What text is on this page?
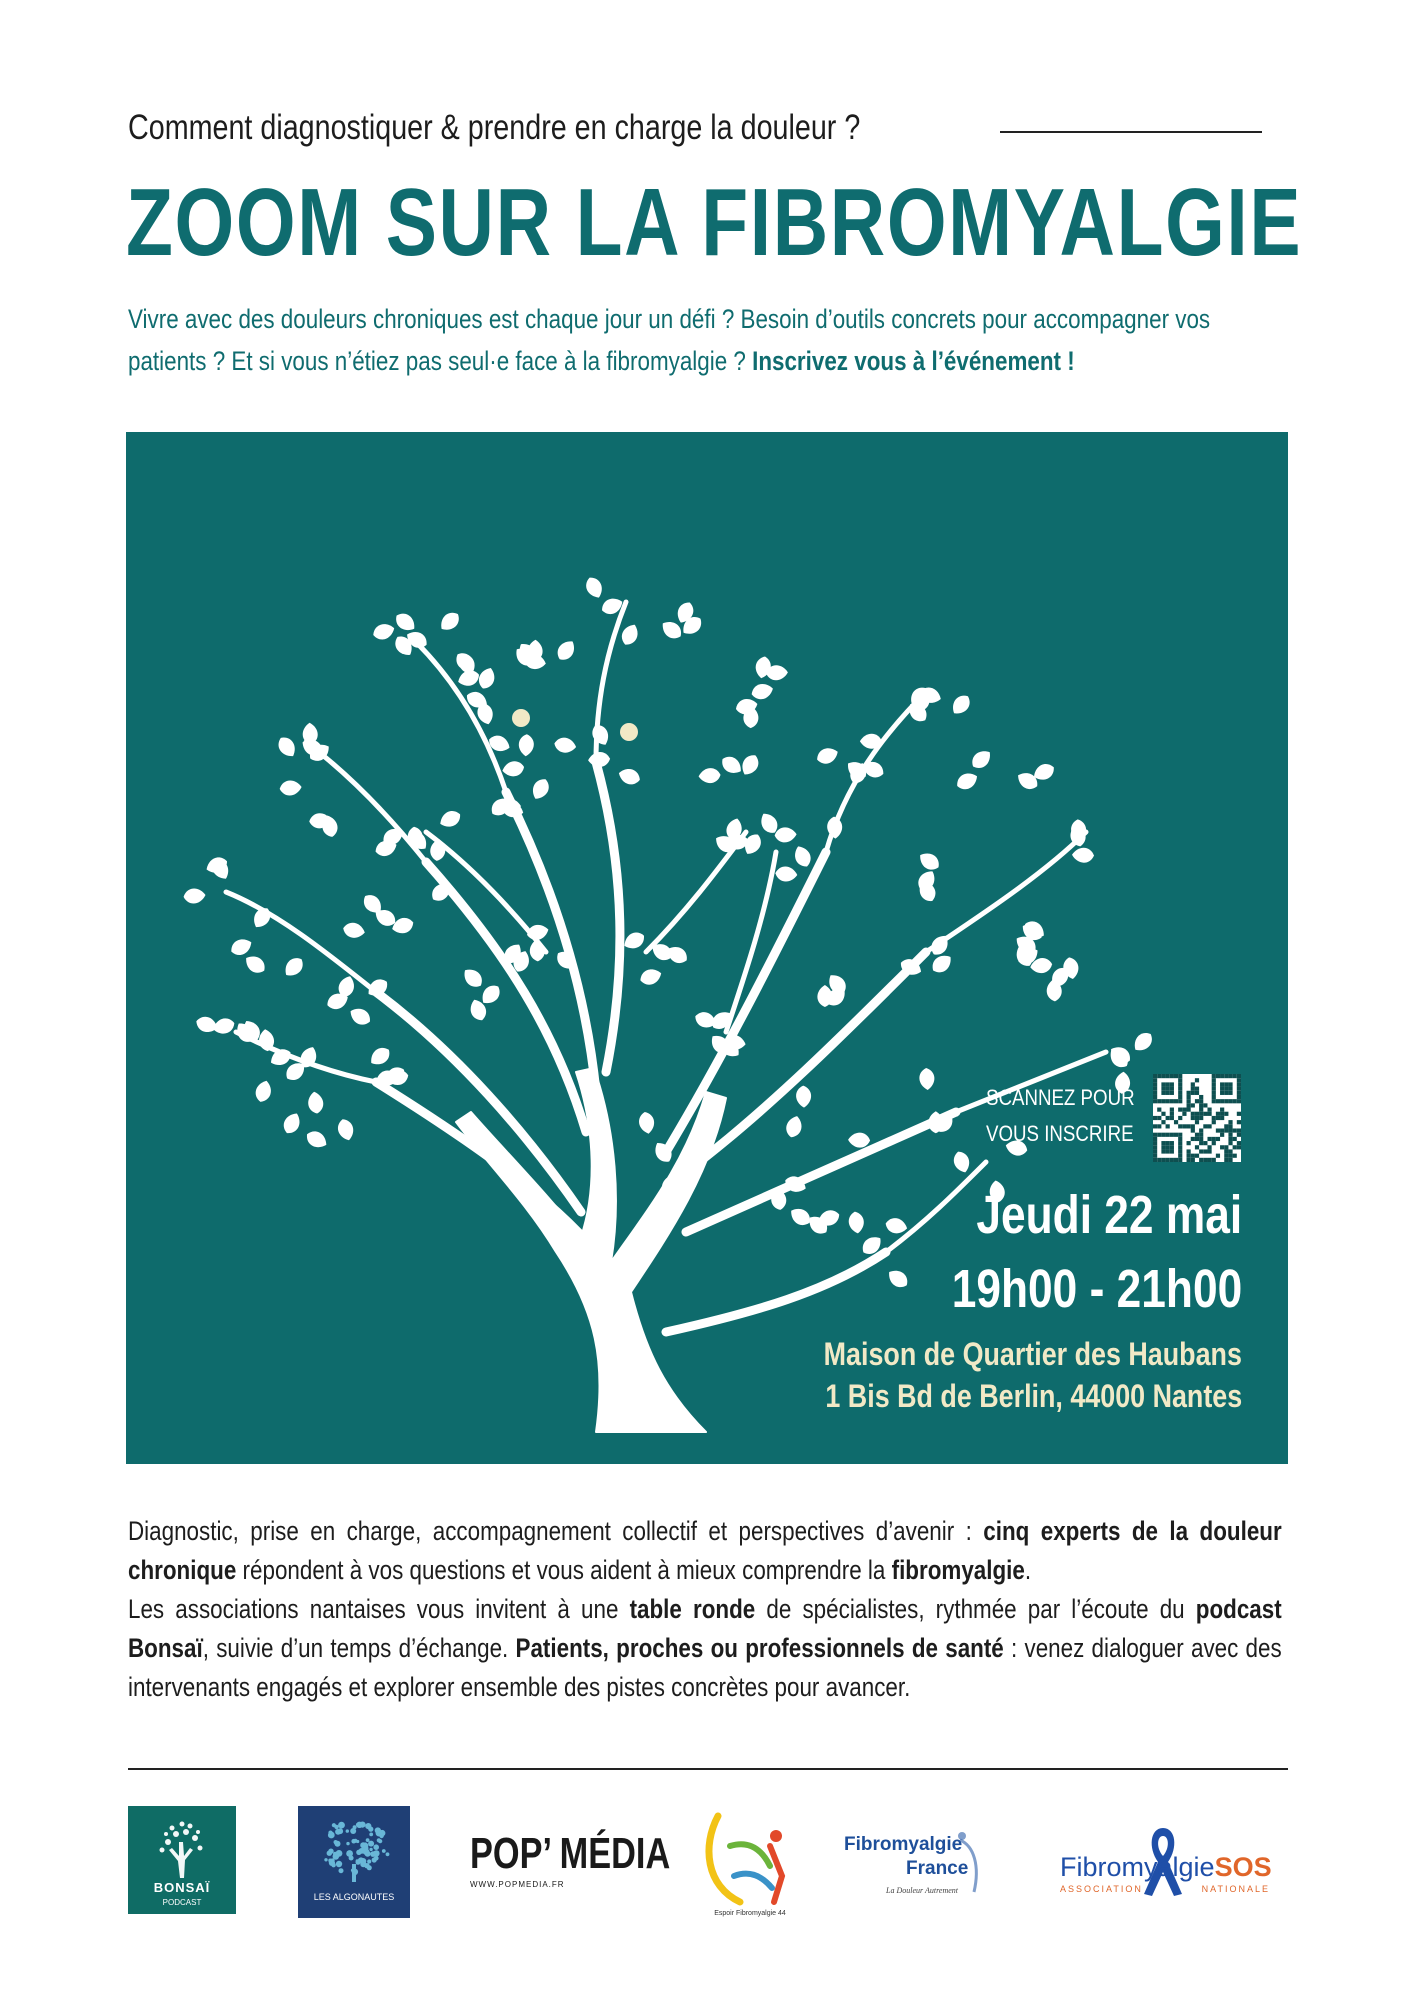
Comment diagnostiquer & prendre en charge la douleur ?
ZOOM SUR LA FIBROMYALGIE
Vivre avec des douleurs chroniques est chaque jour un défi ? Besoin d’outils concrets pour accompagner vos patients ? Et si vous n’étiez pas seul·e face à la fibromyalgie ? Inscrivez vous à l’événement !
SCANNEZ POUR
VOUS INSCRIRE
Jeudi 22 mai
19h00 - 21h00
Maison de Quartier des Haubans
1 Bis Bd de Berlin, 44000 Nantes
Diagnostic, prise en charge, accompagnement collectif et perspectives d’avenir : cinq experts de la douleur chronique répondent à vos questions et vous aident à mieux comprendre la fibromyalgie.
Les associations nantaises vous invitent à une table ronde de spécialistes, rythmée par l’écoute du podcast Bonsaï, suivie d’un temps d’échange. Patients, proches ou professionnels de santé : venez dialoguer avec des intervenants engagés et explorer ensemble des pistes concrètes pour avancer.
BONSAÏ
PODCAST
LES ALGONAUTES
POP’ MÉDIA
WWW.POPMEDIA.FR
Espoir Fibromyalgie 44
Fibromyalgie
France
La Douleur Autrement
FibromyalgieSOS
ASSOCIATION	NATIONALE
